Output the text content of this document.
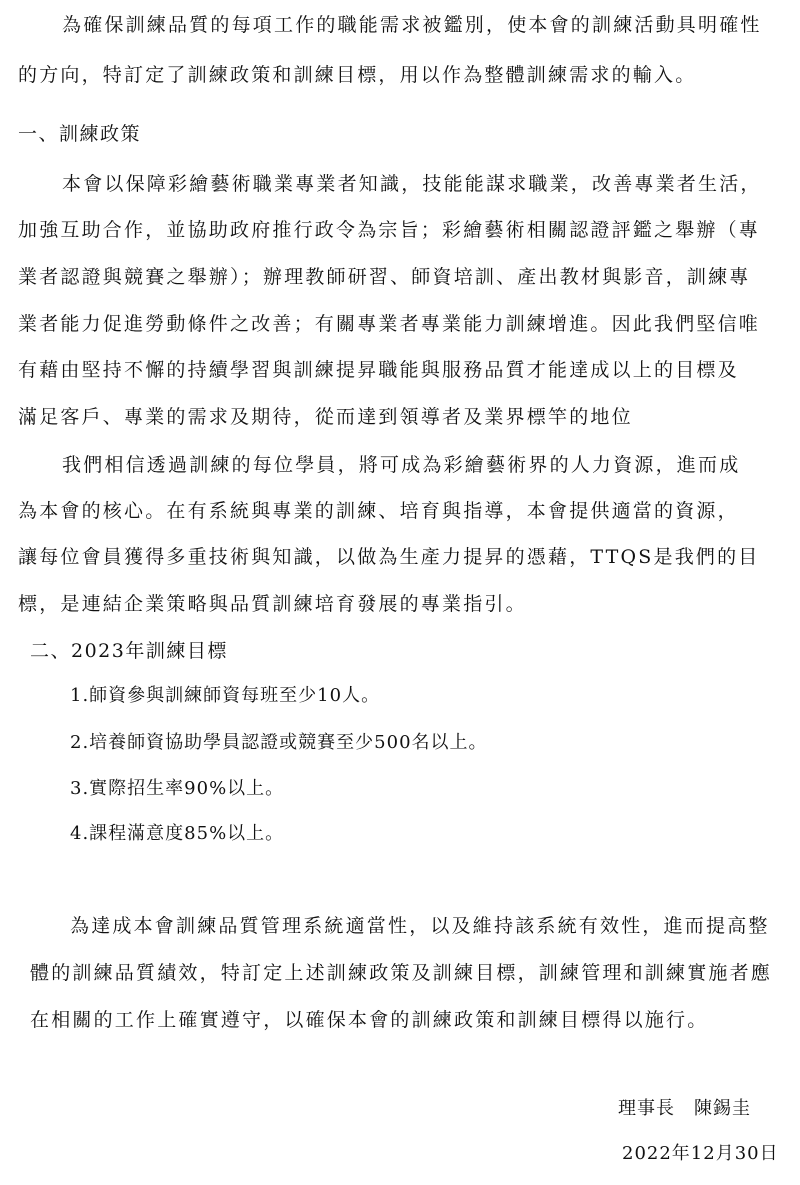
為確保訓練品質的每項工作的職能需求被鑑別，使本會的訓練活動具明確性
的方向，特訂定了訓練政策和訓練目標，用以作為整體訓練需求的輸入。
一、訓練政策
本會以保障彩繪藝術職業專業者知識，技能能謀求職業，改善專業者生活，
加強互助合作，並協助政府推行政令為宗旨；彩繪藝術相關認證評鑑之舉辦（專
業者認證與競賽之舉辦）；辦理教師研習、師資培訓、產出教材與影音，訓練專
業者能力促進勞動條件之改善；有關專業者專業能力訓練增進。因此我們堅信唯
有藉由堅持不懈的持續學習與訓練提昇職能與服務品質才能達成以上的目標及
滿足客戶、專業的需求及期待，從而達到領導者及業界標竿的地位
我們相信透過訓練的每位學員，將可成為彩繪藝術界的人力資源，進而成
為本會的核心。在有系統與專業的訓練、培育與指導，本會提供適當的資源，
讓每位會員獲得多重技術與知識，以做為生產力提昇的憑藉，TTQS是我們的目
標，是連結企業策略與品質訓練培育發展的專業指引。
二、2023年訓練目標
1.師資參與訓練師資每班至少10人。
2.培養師資協助學員認證或競賽至少500名以上。
3.實際招生率90%以上。
4.課程滿意度85%以上。
為達成本會訓練品質管理系統適當性，以及維持該系統有效性，進而提高整
體的訓練品質績效，特訂定上述訓練政策及訓練目標，訓練管理和訓練實施者應
在相關的工作上確實遵守，以確保本會的訓練政策和訓練目標得以施行。
理事長　陳錫圭
2022年12月30日
